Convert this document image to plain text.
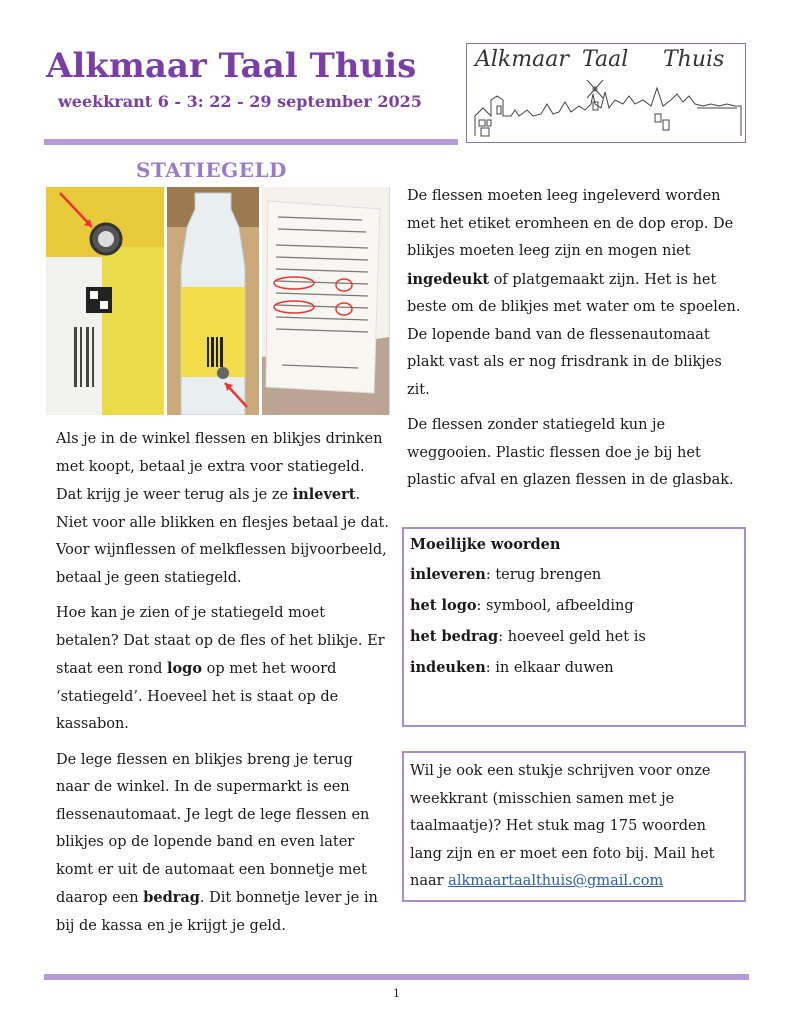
Alkmaar Taal Thuis
weekkrant 6 - 3: 22 - 29 september 2025
Alkmaar Taal Thuis
STATIEGELD

Als je in de winkel flessen en blikjes drinken met koopt, betaal je extra voor statiegeld. Dat krijg je weer terug als je ze inlevert. Niet voor alle blikken en flesjes betaal je dat. Voor wijnflessen of melkflessen bijvoorbeeld, betaal je geen statiegeld.

Hoe kan je zien of je statiegeld moet betalen? Dat staat op de fles of het blikje. Er staat een rond logo op met het woord ‘statiegeld’. Hoeveel het is staat op de kassabon.

De lege flessen en blikjes breng je terug naar de winkel. In de supermarkt is een flessenautomaat. Je legt de lege flessen en blikjes op de lopende band en even later komt er uit de automaat een bonnetje met daarop een bedrag. Dit bonnetje lever je in bij de kassa en je krijgt je geld.

De flessen moeten leeg ingeleverd worden met het etiket eromheen en de dop erop. De blikjes moeten leeg zijn en mogen niet ingedeukt of platgemaakt zijn. Het is het beste om de blikjes met water om te spoelen. De lopende band van de flessenautomaat plakt vast als er nog frisdrank in de blikjes zit.

De flessen zonder statiegeld kun je weggooien. Plastic flessen doe je bij het plastic afval en glazen flessen in de glasbak.

Moeilijke woorden

inleveren: terug brengen

het logo: symbool, afbeelding

het bedrag: hoeveel geld het is

indeuken: in elkaar duwen

Wil je ook een stukje schrijven voor onze weekkrant (misschien samen met je taalmaatje)? Het stuk mag 175 woorden lang zijn en er moet een foto bij. Mail het naar alkmaartaalthuis@gmail.com

1
